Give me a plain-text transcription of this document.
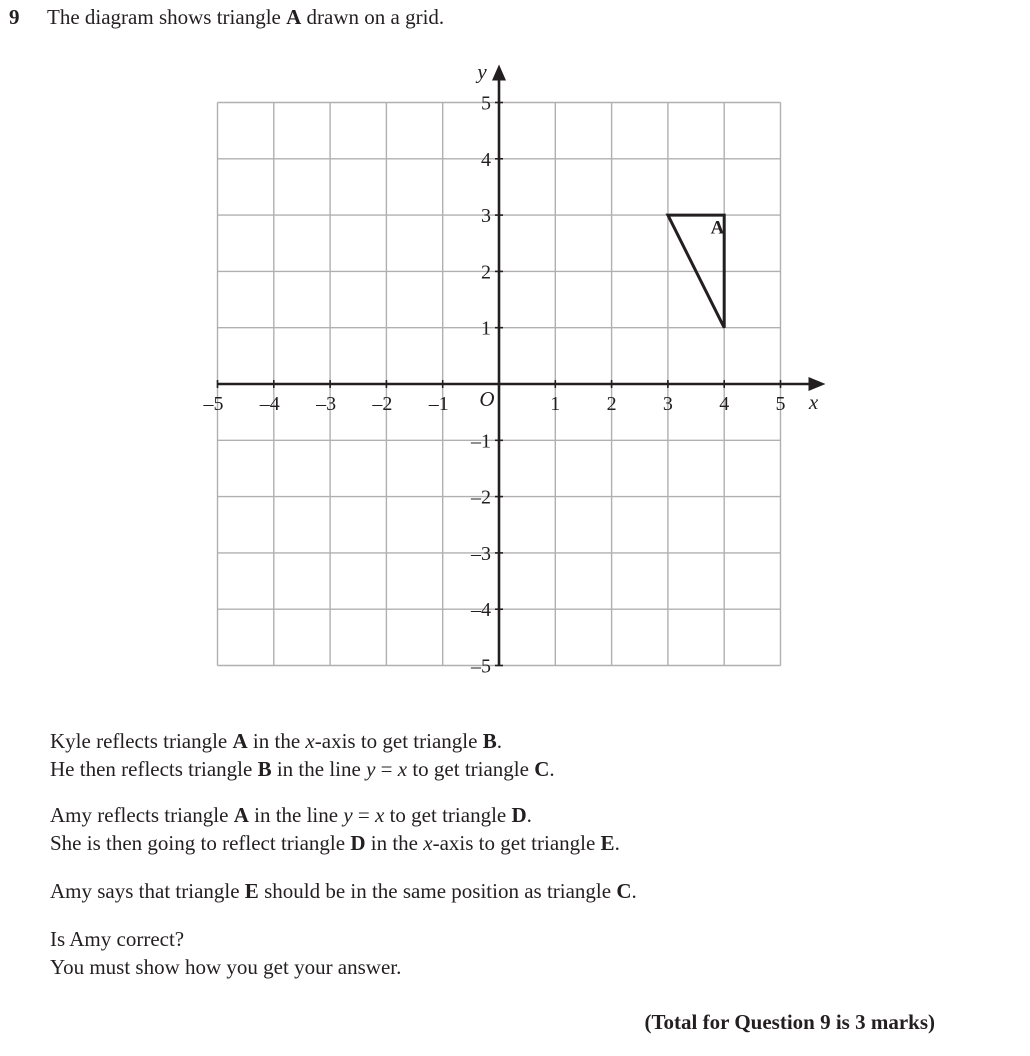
9 The diagram shows triangle A drawn on a grid.
–5 –4 –3 –2 –1	1 2 3 4 5
5
4
3
2
1
–1
–2
–3
–4
–5
O	x
y
A
Kyle reflects triangle A in the x-axis to get triangle B.
He then reflects triangle B in the line y = x to get triangle C.
Amy reflects triangle A in the line y = x to get triangle D.
She is then going to reflect triangle D in the x-axis to get triangle E.
Amy says that triangle E should be in the same position as triangle C.
Is Amy correct?
You must show how you get your answer.
(Total for Question 9 is 3 marks)
